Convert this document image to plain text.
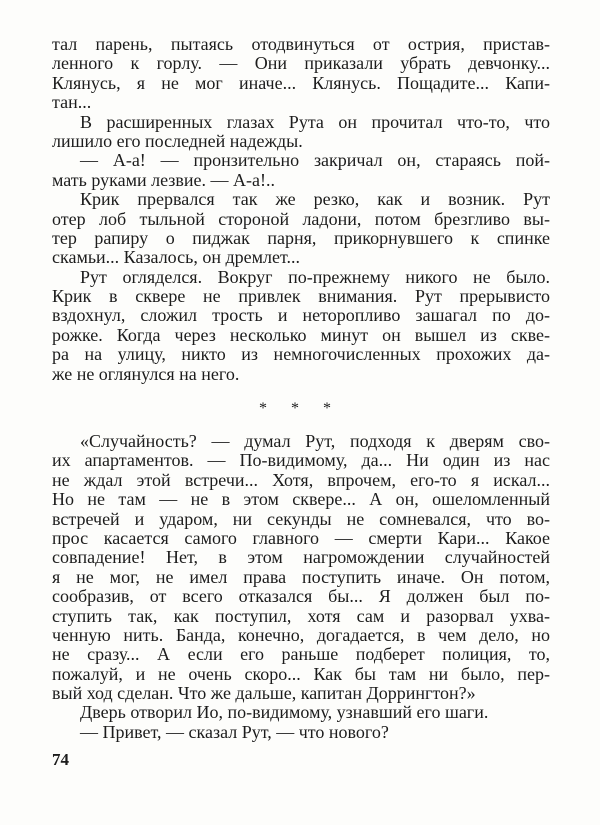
тал парень, пытаясь отодвинуться от острия, пристав-
ленного к горлу. — Они приказали убрать девчонку...
Клянусь, я не мог иначе... Клянусь. Пощадите... Капи-
тан...
В расширенных глазах Рута он прочитал что-то, что
лишило его последней надежды.
— А-а! — пронзительно закричал он, стараясь пой-
мать руками лезвие. — А-а!..
Крик прервался так же резко, как и возник. Рут
отер лоб тыльной стороной ладони, потом брезгливо вы-
тер рапиру о пиджак парня, прикорнувшего к спинке
скамьи... Казалось, он дремлет...
Рут огляделся. Вокруг по-прежнему никого не было.
Крик в сквере не привлек внимания. Рут прерывисто
вздохнул, сложил трость и неторопливо зашагал по до-
рожке. Когда через несколько минут он вышел из скве-
ра на улицу, никто из немногочисленных прохожих да-
же не оглянулся на него.
* * *
«Случайность? — думал Рут, подходя к дверям сво-
их апартаментов. — По-видимому, да... Ни один из нас
не ждал этой встречи... Хотя, впрочем, его-то я искал...
Но не там — не в этом сквере... А он, ошеломленный
встречей и ударом, ни секунды не сомневался, что во-
прос касается самого главного — смерти Кари... Какое
совпадение! Нет, в этом нагромождении случайностей
я не мог, не имел права поступить иначе. Он потом,
сообразив, от всего отказался бы... Я должен был по-
ступить так, как поступил, хотя сам и разорвал ухва-
ченную нить. Банда, конечно, догадается, в чем дело, но
не сразу... А если его раньше подберет полиция, то,
пожалуй, и не очень скоро... Как бы там ни было, пер-
вый ход сделан. Что же дальше, капитан Доррингтон?»
Дверь отворил Ио, по-видимому, узнавший его шаги.
— Привет, — сказал Рут, — что нового?
74
